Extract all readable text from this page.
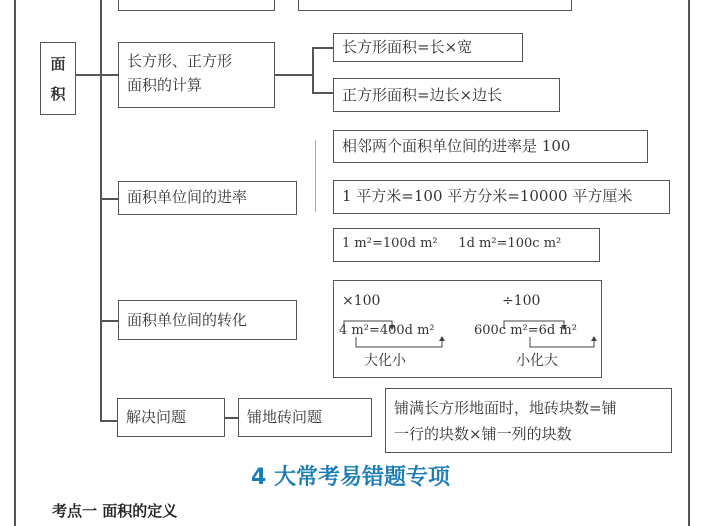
面
积
长方形、正方形
面积的计算
长方形面积=长×宽
正方形面积=边长×边长
面积单位间的进率
相邻两个面积单位间的进率是 100
1 平方米=100 平方分米=10000 平方厘米
1 m²=100d m² 1d m²=100c m²
面积单位间的转化
×100
4 m²=400d m²
大化小
÷100
600c m²=6d m²
小化大
解决问题	铺地砖问题	铺满长方形地面时，地砖块数=铺
一行的块数×铺一列的块数
4 大常考易错题专项
考点一 面积的定义
